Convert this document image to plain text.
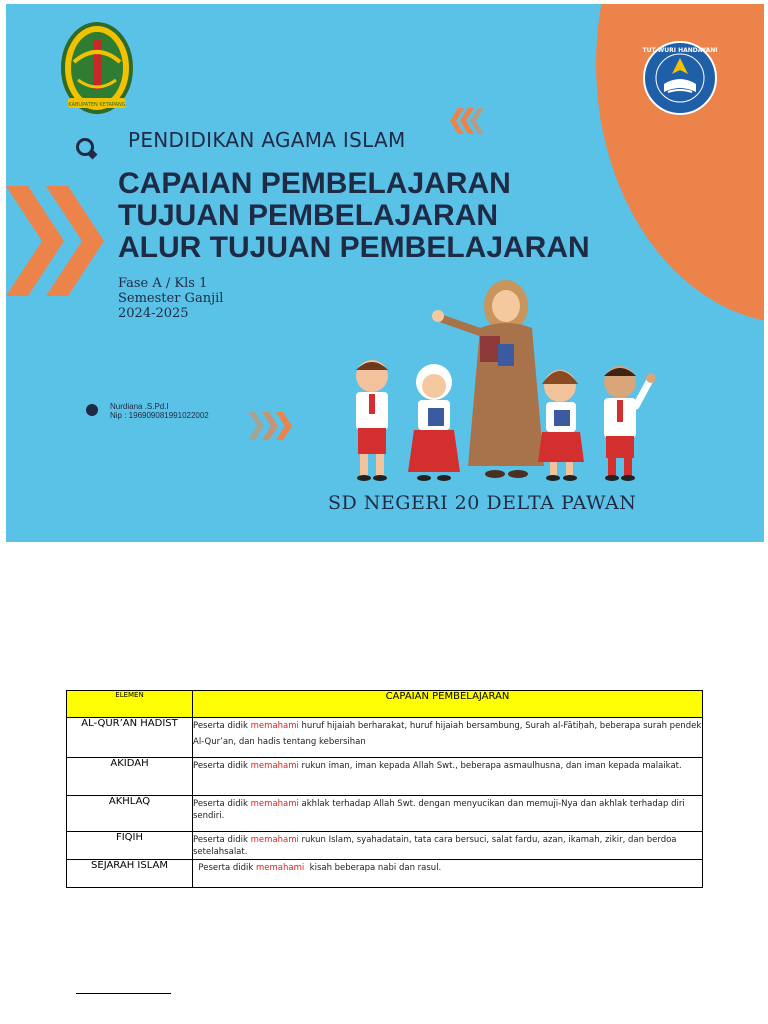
KABUPATEN KETAPANG
TUT WURI HANDAYANI
PENDIDIKAN AGAMA ISLAM
CAPAIAN PEMBELAJARAN
TUJUAN PEMBELAJARAN
ALUR TUJUAN PEMBELAJARAN
Fase A / Kls 1
Semester Ganjil
2024-2025
Nurdiana .S.Pd.I
Nip : 196909081991022002
SD NEGERI 20 DELTA PAWAN
ELEMEN	CAPAIAN PEMBELAJARAN
AL-QUR’AN HADIST	Peserta didik memahami huruf hijaiah berharakat, huruf hijaiah bersambung, Surah al-Fātiḥah, beberapa surah pendek Al-Qur’an, dan hadis tentang kebersihan
AKIDAH	Peserta didik memahami rukun iman, iman kepada Allah Swt., beberapa asmaulhusna, dan iman kepada malaikat.
AKHLAQ	Peserta didik memahami akhlak terhadap Allah Swt. dengan menyucikan dan memuji-Nya dan akhlak terhadap diri sendiri.
FIQIH	Peserta didik memahami rukun Islam, syahadatain, tata cara bersuci, salat fardu, azan, ikamah, zikir, dan berdoa setelahsalat.
SEJARAH ISLAM	Peserta didik memahami  kisah beberapa nabi dan rasul.
